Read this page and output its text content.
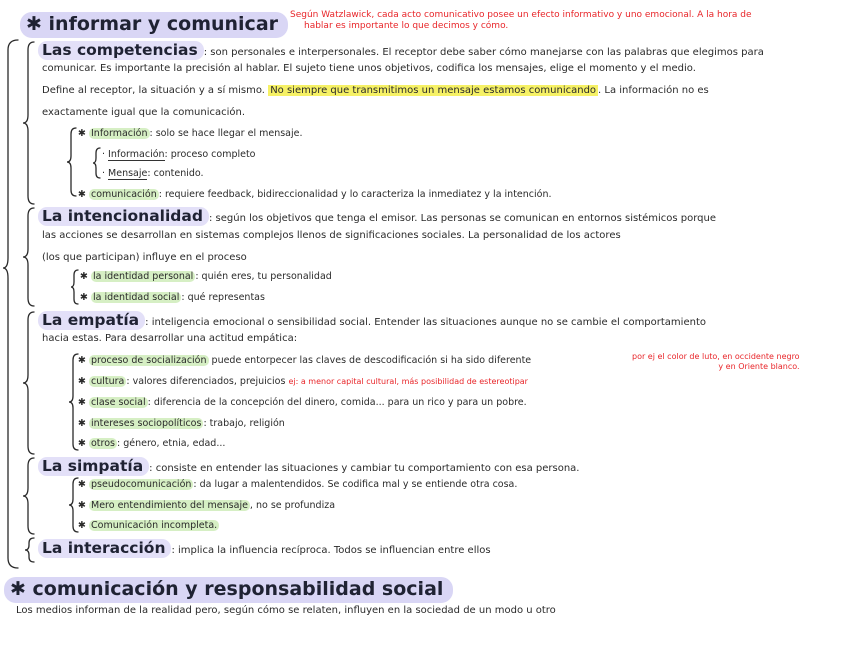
✱ informar y comunicar	Según Watzlawick, cada acto comunicativo posee un efecto informativo y uno emocional. A la hora de
hablar es importante lo que decimos y cómo.
Las competencias : son personales e interpersonales. El receptor debe saber cómo manejarse con las palabras que elegimos para
comunicar. Es importante la precisión al hablar. El sujeto tiene unos objetivos, codifica los mensajes, elige el momento y el medio.
Define al receptor, la situación y a sí mismo. No siempre que transmitimos un mensaje estamos comunicando . La información no es
exactamente igual que la comunicación.
✱ Información : solo se hace llegar el mensaje.
· Información: proceso completo
· Mensaje: contenido.
✱ comunicación : requiere feedback, bidireccionalidad y lo caracteriza la inmediatez y la intención.
La intencionalidad : según los objetivos que tenga el emisor. Las personas se comunican en entornos sistémicos porque
las acciones se desarrollan en sistemas complejos llenos de significaciones sociales. La personalidad de los actores
(los que participan) influye en el proceso
✱ la identidad personal : quién eres, tu personalidad
✱ la identidad social : qué representas
La empatía : inteligencia emocional o sensibilidad social. Entender las situaciones aunque no se cambie el comportamiento
hacia estas. Para desarrollar una actitud empática:
✱ proceso de socialización puede entorpecer las claves de descodificación si ha sido diferente	por ej el color de luto, en occidente negro
y en Oriente blanco.
✱ cultura : valores diferenciados, prejuicios ej: a menor capital cultural, más posibilidad de estereotipar
✱ clase social : diferencia de la concepción del dinero, comida... para un rico y para un pobre.
✱ intereses sociopolíticos : trabajo, religión
✱ otros : género, etnia, edad...
La simpatía : consiste en entender las situaciones y cambiar tu comportamiento con esa persona.
✱ pseudocomunicación : da lugar a malentendidos. Se codifica mal y se entiende otra cosa.
✱ Mero entendimiento del mensaje , no se profundiza
✱ Comunicación incompleta.
La interacción : implica la influencia recíproca. Todos se influencian entre ellos
✱ comunicación y responsabilidad social
Los medios informan de la realidad pero, según cómo se relaten, influyen en la sociedad de un modo u otro
